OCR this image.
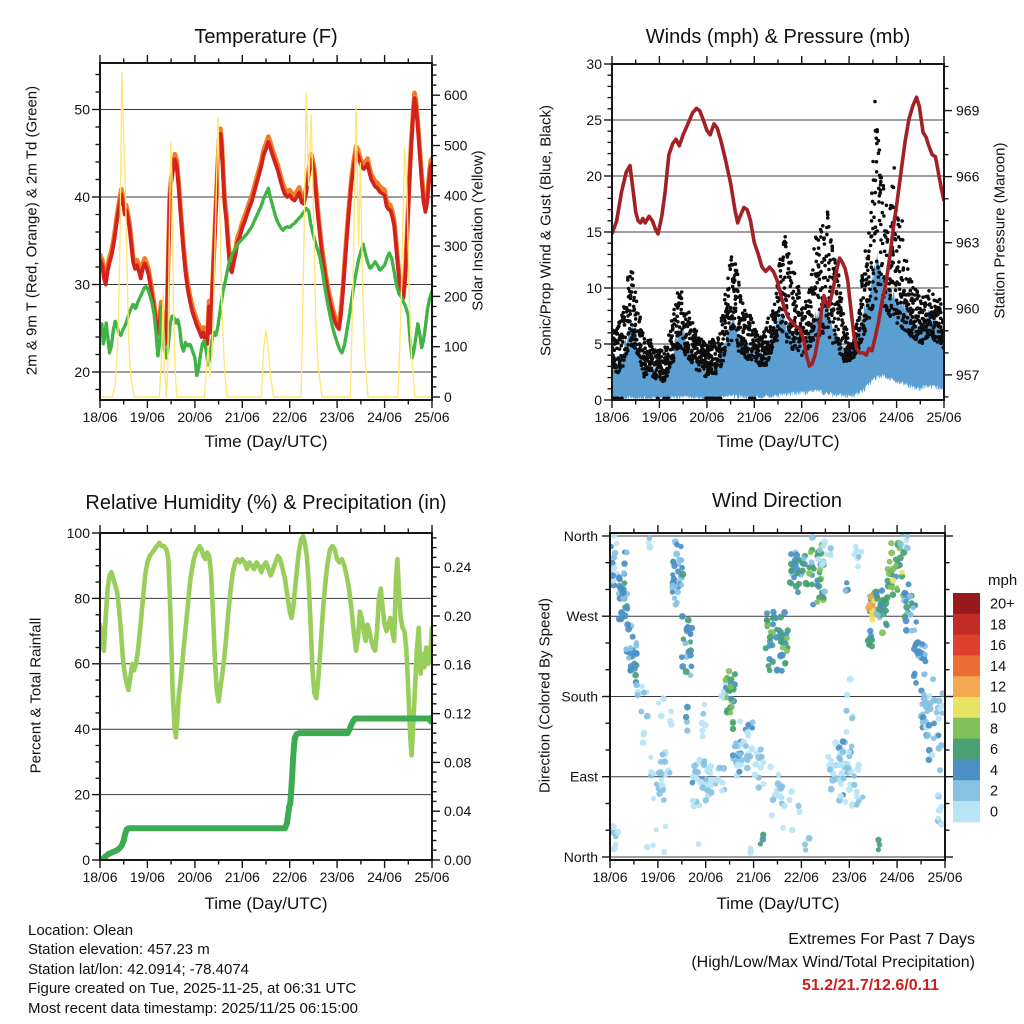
18/06 19/06 20/06 21/06 22/06 23/06 24/06 25/06
20
30
40
50
0
100
200
300
400
500
600
18/06 19/06 20/06 21/06 22/06 23/06 24/06 25/06
0
5
10
15
20
25
30
957
960
963
966
969
18/06 19/06 20/06 21/06 22/06 23/06 24/06 25/06
0
20
40
60
80
100
0.00
0.04
0.08
0.12
0.16
0.20
0.24
18/06 19/06 20/06 21/06 22/06 23/06 24/06 25/06
North
West
South
East
North
20+
18
16
14
12
10
8
6
4
2
0
Temperature (F)	Winds (mph) & Pressure (mb)
Relative Humidity (%) & Precipitation (in)	Wind Direction
Time (Day/UTC)	Time (Day/UTC)
Time (Day/UTC)	Time (Day/UTC)
2m & 9m T (Red, Orange) & 2m Td (Green)	Solar Insolation (Yellow)	Sonic/Prop Wind & Gust (Blue, Black)	Station Pressure (Maroon)
Percent & Total Rainfall	Direction (Colored By Speed)
mph
Location: Olean
Station elevation: 457.23 m
Station lat/lon: 42.0914; -78.4074
Figure created on Tue, 2025-11-25, at 06:31 UTC
Most recent data timestamp: 2025/11/25 06:15:00
Extremes For Past 7 Days
(High/Low/Max Wind/Total Precipitation)
51.2/21.7/12.6/0.11
